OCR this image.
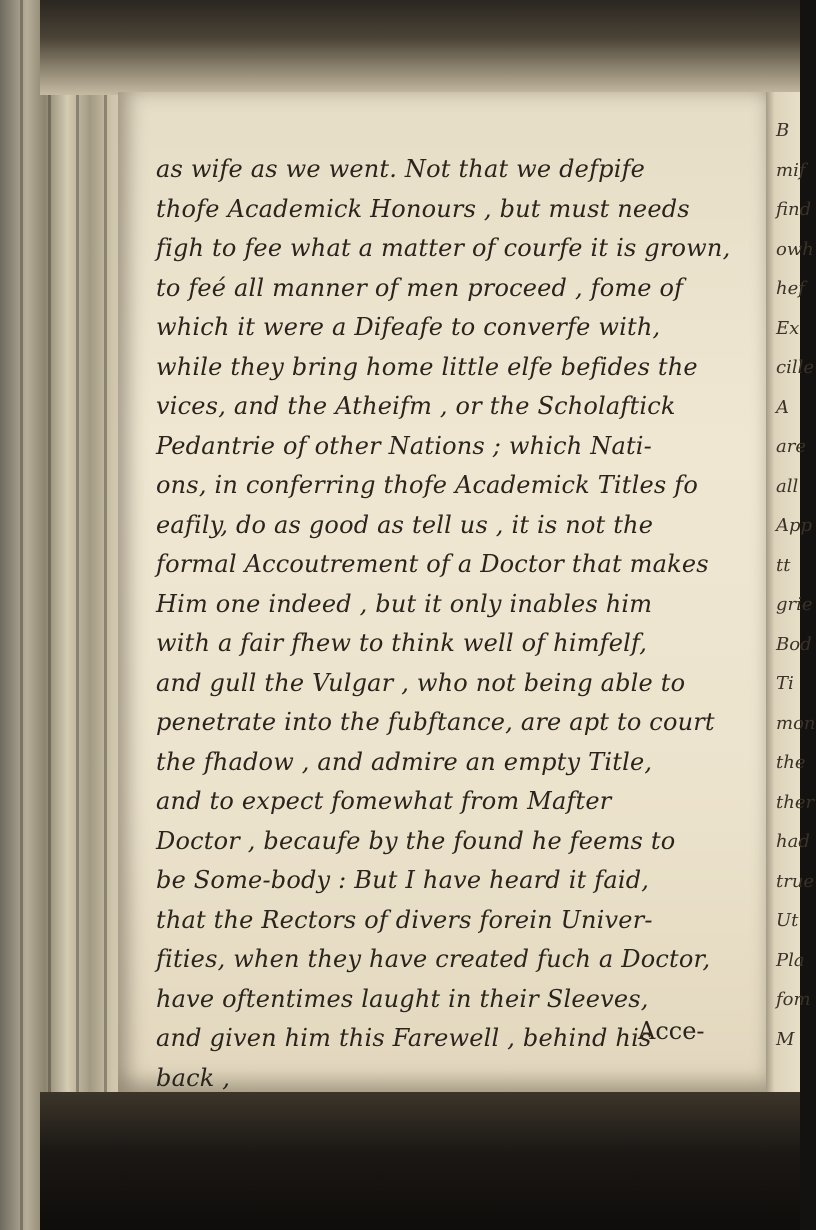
as wife as we went. Not that we defpife
thofe Academick Honours , but must needs
figh to fee what a matter of courfe it is grown,
to feé all manner of men proceed , fome of
which it were a Difeafe to converfe with,
while they bring home little elfe befides the
vices, and the Atheifm , or the Scholaftick
Pedantrie of other Nations ; which Nati-
ons, in conferring thofe Academick Titles fo
eafily, do as good as tell us , it is not the
formal Accoutrement of a Doctor that makes
Him one indeed , but it only inables him
with a fair fhew to think well of himfelf,
and gull the Vulgar , who not being able to
penetrate into the fubftance, are apt to court
the fhadow , and admire an empty Title,
and to expect fomewhat from Mafter
Doctor , becaufe by the found he feems to
be Some-body : But I have heard it faid,
that the Rectors of divers forein Univer-
fities, when they have created fuch a Doctor,
have oftentimes laught in their Sleeves,
and given him this Farewell , behind his
back ,
Acce-
B
mif
find
owh
hef
Ex
cille
A
are
all
App
tt
grie
Bod
Ti
mon
the
ther
had
true
Ut
Pla
fom
M
